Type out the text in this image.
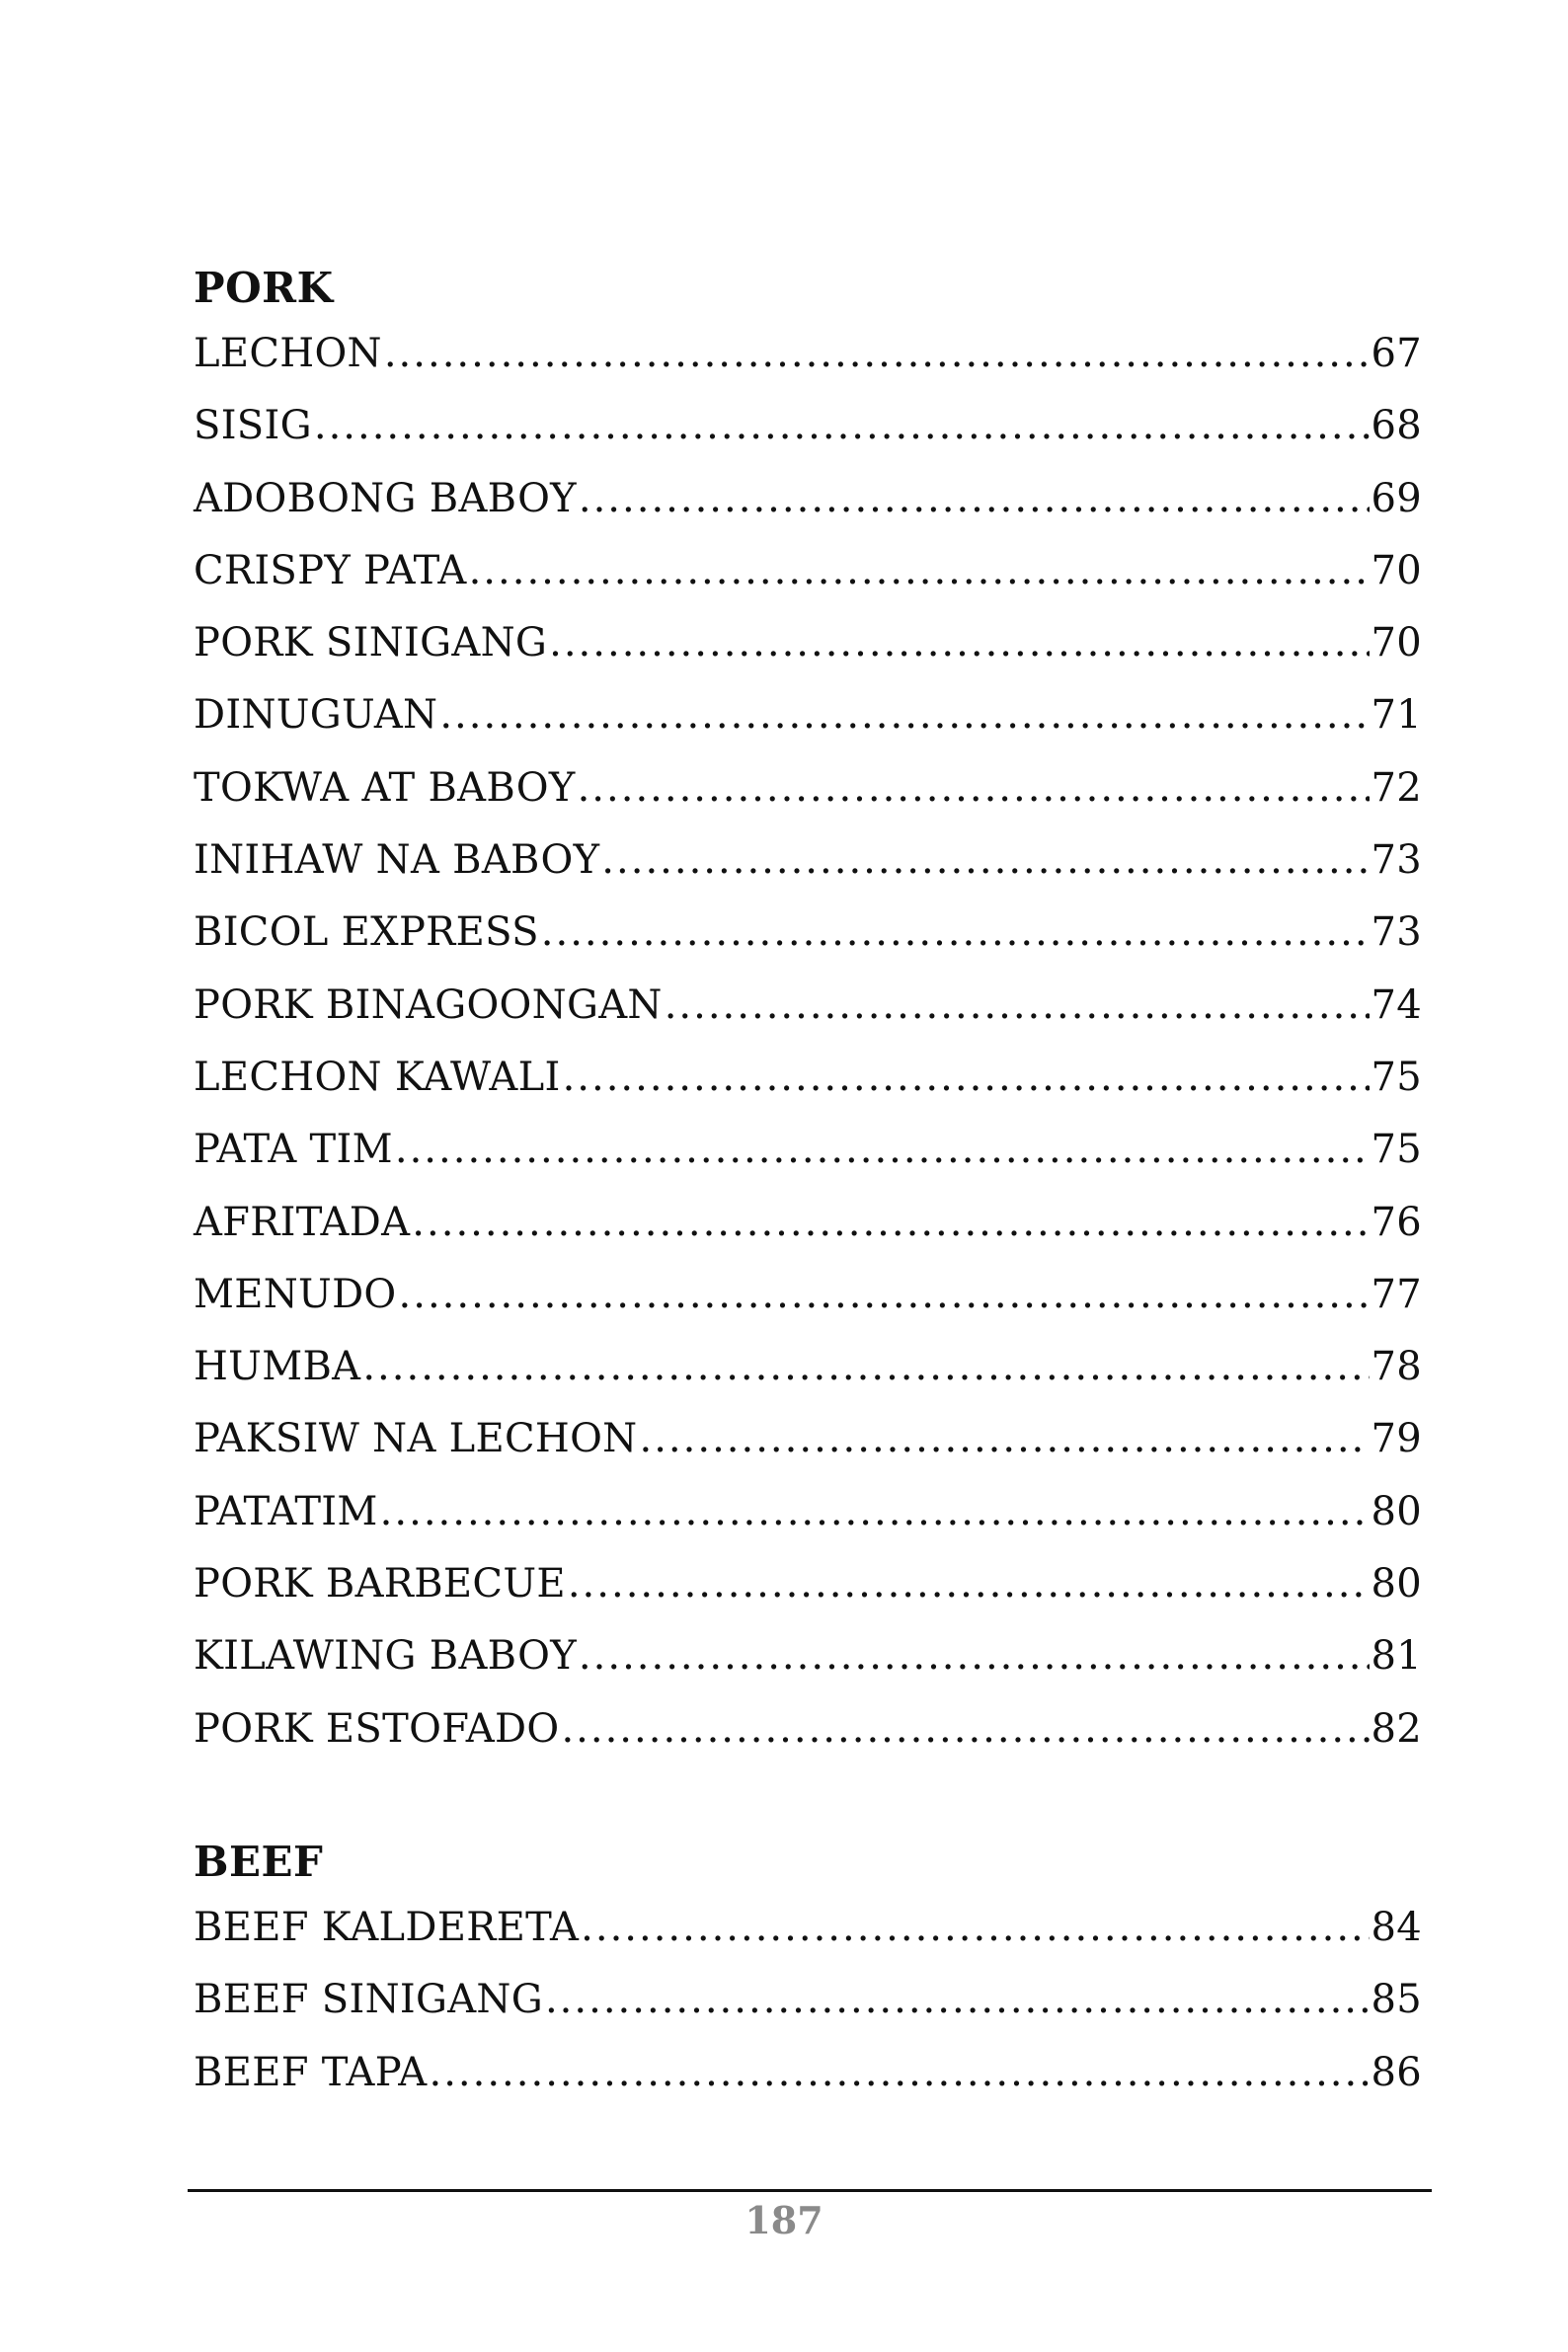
PORK
LECHON .....	67
SISIG .....	68
ADOBONG BABOY .....	69
CRISPY PATA .....	70
PORK SINIGANG .....	70
DINUGUAN .....	71
TOKWA AT BABOY .....	72
INIHAW NA BABOY .....	73
BICOL EXPRESS .....	73
PORK BINAGOONGAN .....	74
LECHON KAWALI .....	75
PATA TIM .....	75
AFRITADA .....	76
MENUDO .....	77
HUMBA .....	78
PAKSIW NA LECHON .....	79
PATATIM .....	80
PORK BARBECUE .....	80
KILAWING BABOY .....	81
PORK ESTOFADO .....	82
BEEF
BEEF KALDERETA .....	84
BEEF SINIGANG .....	85
BEEF TAPA .....	86
187
